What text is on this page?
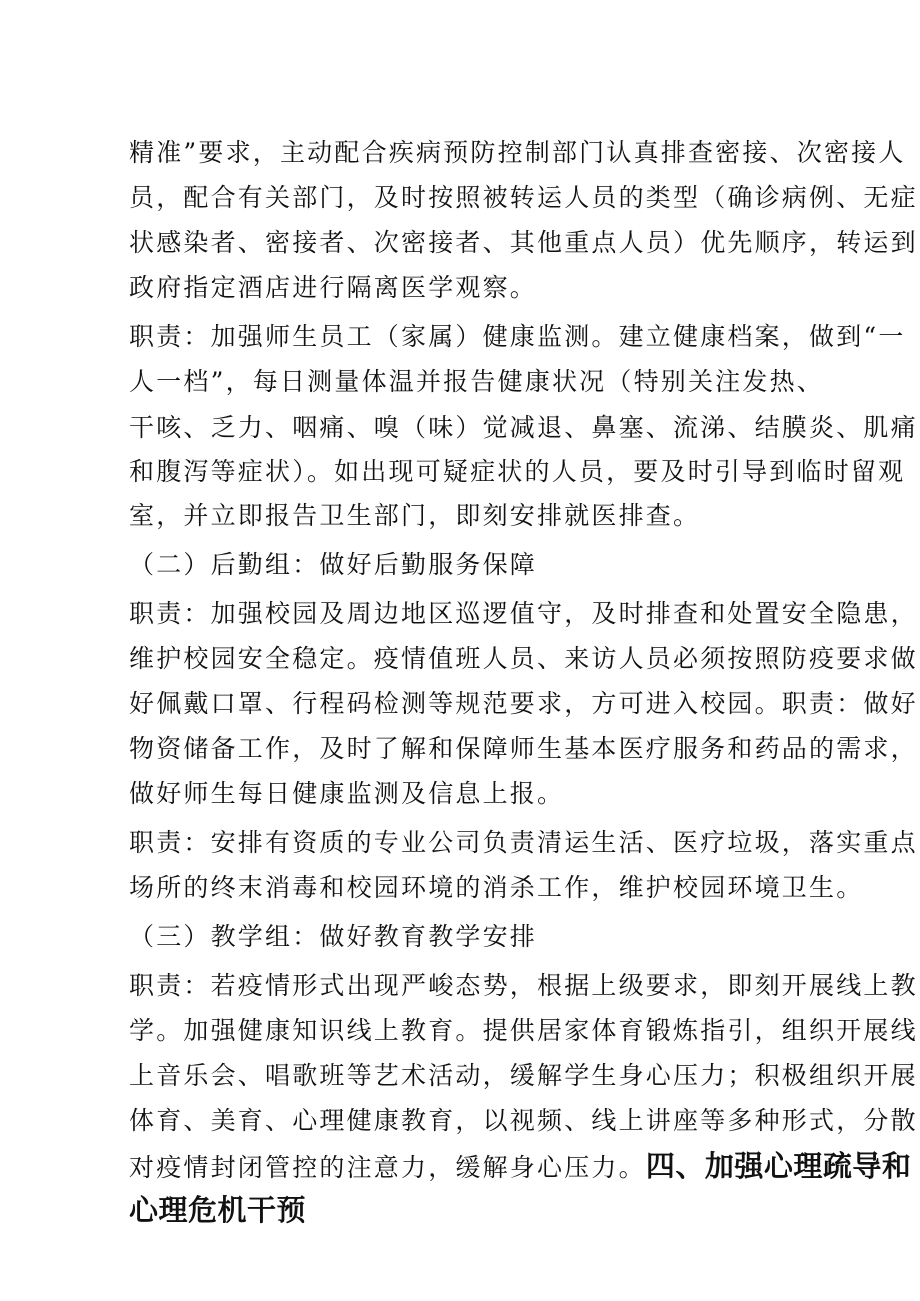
精准”要求，主动配合疾病预防控制部门认真排查密接、次密接人
员，配合有关部门，及时按照被转运人员的类型（确诊病例、无症
状感染者、密接者、次密接者、其他重点人员）优先顺序，转运到
政府指定酒店进行隔离医学观察。
职责：加强师生员工（家属）健康监测。建立健康档案，做到“一
人一档”，每日测量体温并报告健康状况（特别关注发热、
干咳、乏力、咽痛、嗅（味）觉减退、鼻塞、流涕、结膜炎、肌痛
和腹泻等症状）。如出现可疑症状的人员，要及时引导到临时留观
室，并立即报告卫生部门，即刻安排就医排查。
（二）后勤组：做好后勤服务保障
职责：加强校园及周边地区巡逻值守，及时排查和处置安全隐患，
维护校园安全稳定。疫情值班人员、来访人员必须按照防疫要求做
好佩戴口罩、行程码检测等规范要求，方可进入校园。职责：做好
物资储备工作，及时了解和保障师生基本医疗服务和药品的需求，
做好师生每日健康监测及信息上报。
职责：安排有资质的专业公司负责清运生活、医疗垃圾，落实重点
场所的终末消毒和校园环境的消杀工作，维护校园环境卫生。
（三）教学组：做好教育教学安排
职责：若疫情形式出现严峻态势，根据上级要求，即刻开展线上教
学。加强健康知识线上教育。提供居家体育锻炼指引，组织开展线
上音乐会、唱歌班等艺术活动，缓解学生身心压力；积极组织开展
体育、美育、心理健康教育，以视频、线上讲座等多种形式，分散
对疫情封闭管控的注意力，缓解身心压力。四、加强心理疏导和
心理危机干预
